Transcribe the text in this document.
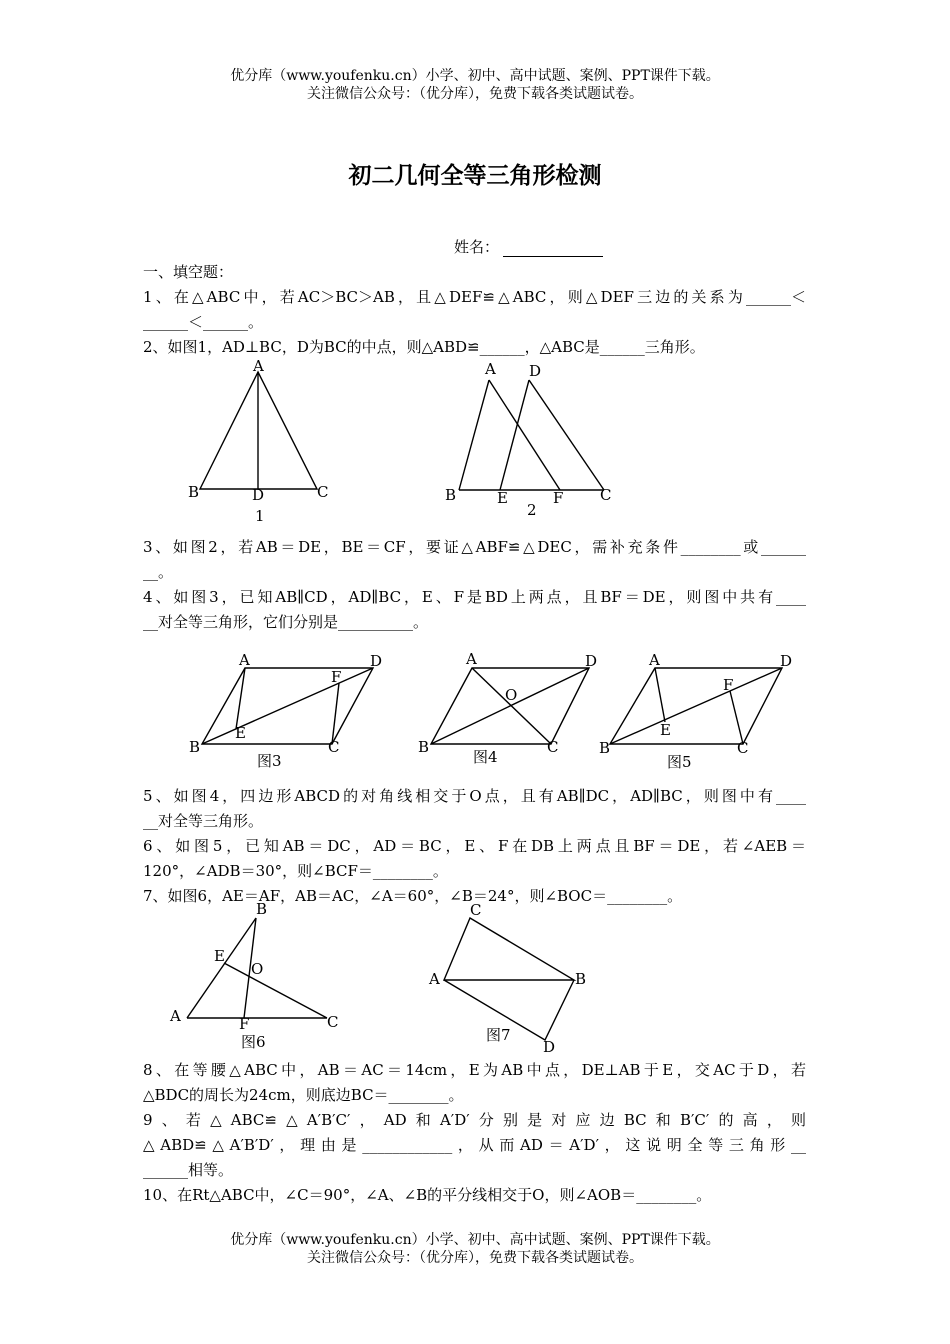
优分库（www.youfenku.cn）小学、初中、高中试题、案例、PPT课件下载。
关注微信公众号：（优分库），免费下载各类试题试卷。
初二几何全等三角形检测
姓名：
一、填空题：
1、在△ABC中，若AC＞BC＞AB，且△DEF≌△ABC，则△DEF三边的关系为______＜
______＜______。
2、如图1，AD⊥BC，D为BC的中点，则△ABD≌______，△ABC是______三角形。
A
B	C
D
1
A D
B	E	F C
2
3、如图2，若AB＝DE，BE＝CF，要证△ABF≌△DEC，需补充条件________或______
__。
4、如图3，已知AB∥CD，AD∥BC，E、F是BD上两点，且BF＝DE，则图中共有____
__对全等三角形，它们分别是__________。
A	D
F
E
B	C
图3
A	D
O
B	C
图4
A	D
F
E
B	C
图5
5、如图4，四边形ABCD的对角线相交于O点，且有AB∥DC，AD∥BC，则图中有____
__对全等三角形。
6、如图5，已知AB＝DC，AD＝BC，E、F在DB上两点且BF＝DE，若∠AEB＝
120°，∠ADB＝30°，则∠BCF＝________。
7、如图6，AE＝AF，AB＝AC，∠A＝60°，∠B＝24°，则∠BOC＝________。
B
E
O
A	F	C
图6
C
A	B
D
图7
8、在等腰△ABC中，AB＝AC＝14cm，E为AB中点，DE⊥AB于E，交AC于D，若
△BDC的周长为24cm，则底边BC＝________。
9、若△ABC≌△A′B′C′，AD和A′D′分别是对应边BC和B′C′的高，则
△ABD≌△A′B′D′，理由是____________，从而AD＝A′D′，这说明全等三角形__
______相等。
10、在Rt△ABC中，∠C＝90°，∠A、∠B的平分线相交于O，则∠AOB＝________。
优分库（www.youfenku.cn）小学、初中、高中试题、案例、PPT课件下载。
关注微信公众号：（优分库），免费下载各类试题试卷。
